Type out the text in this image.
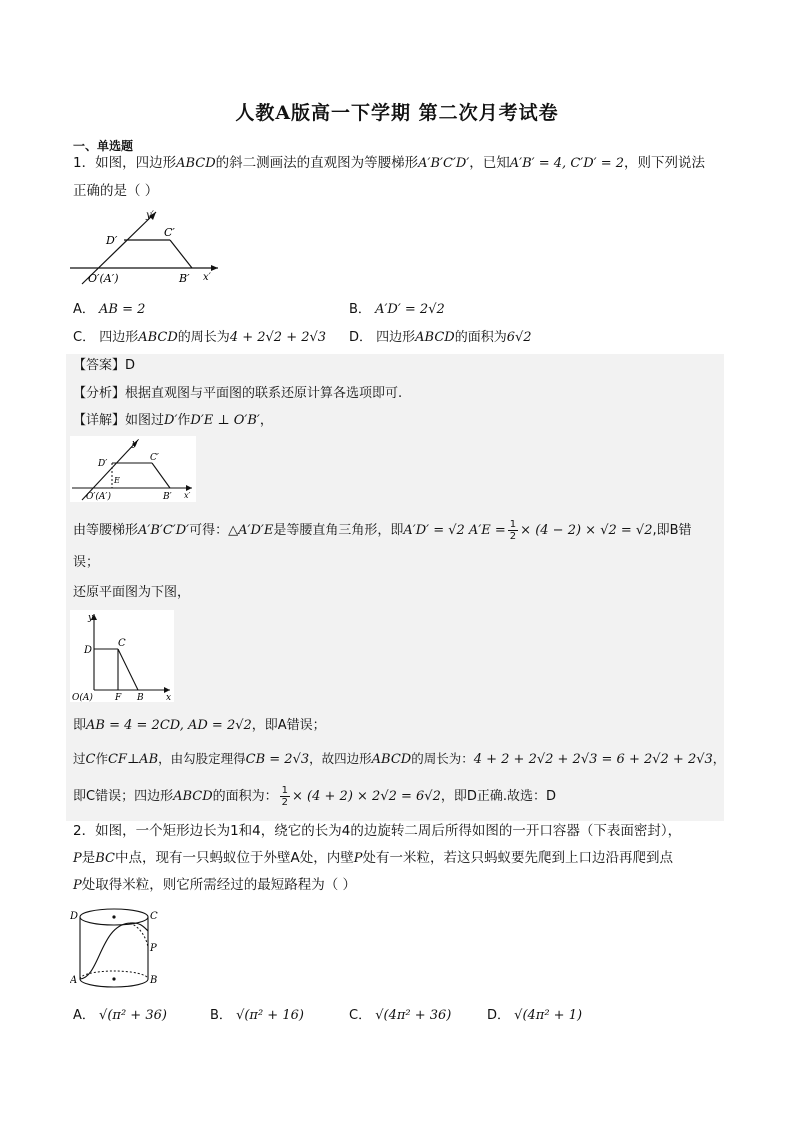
人教A版高一下学期 第二次月考试卷
一、单选题
1．如图，四边形ABCD的斜二测画法的直观图为等腰梯形A′B′C′D′，已知A′B′ = 4, C′D′ = 2，则下列说法
正确的是（ ）
y′
D′
C′
O′(A′)	B′ x′
A． AB = 2	B． A′D′ = 2√2
C． 四边形ABCD的周长为4 + 2√2 + 2√3 D． 四边形ABCD的面积为6√2
【答案】D
【分析】根据直观图与平面图的联系还原计算各选项即可.
【详解】如图过D′作D′E ⊥ O′B′，
y′
D′
C′
E
O′(A′)	B′ x′
由等腰梯形A′B′C′D′可得：△A′D′E是等腰直角三角形，即A′D′ = √2 $A'E = \frac{1}{2} \times (4 - 2) \times √2 = √2$,即B错
误；
还原平面图为下图，
y
D
C
O(A) F B x
即AB = 4 = 2CD, AD = 2√2，即A错误；
过C作CF⊥AB，由勾股定理得CB = 2√3，故四边形ABCD的周长为：4 + 2 + 2√2 + 2√3 = 6 + 2√2 + 2√3，
即C错误；四边形ABCD的面积为： $\frac{1}{2} \times (4 + 2) \times 2√2 = 6√2$，即D正确.故选：D
2．如图，一个矩形边长为1和4，绕它的长为4的边旋转二周后所得如图的一开口容器（下表面密封），
P是BC中点，现有一只蚂蚁位于外壁A处，内壁P处有一米粒，若这只蚂蚁要先爬到上口边沿再爬到点
P处取得米粒，则它所需经过的最短路程为（ ）
D	C
P
A	B
A． √(π² + 36)	B． √(π² + 16)	C． √(4π² + 36)	D． √(4π² + 1)
